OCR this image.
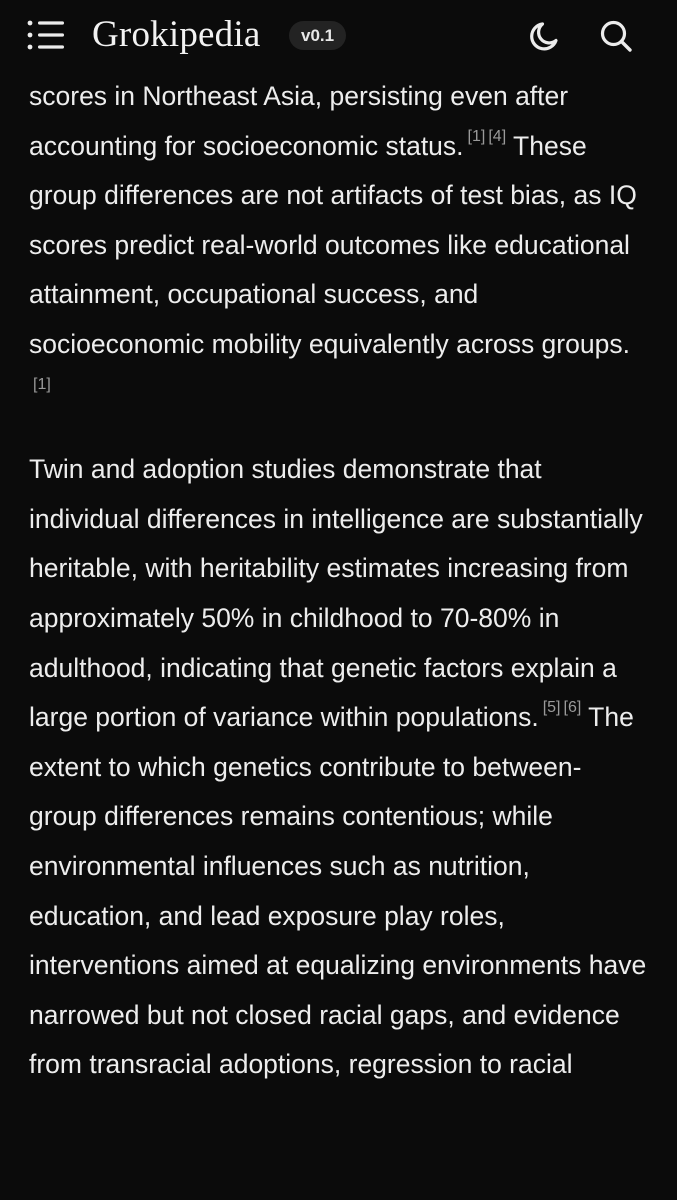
Grokipedia	v0.1

scores in Northeast Asia, persisting even after accounting for socioeconomic status. [1] [4] These group differences are not artifacts of test bias, as IQ scores predict real-world outcomes like educational attainment, occupational success, and socioeconomic mobility equivalently across groups.[1]

Twin and adoption studies demonstrate that individual differences in intelligence are substantially heritable, with heritability estimates increasing from approximately 50% in childhood to 70-80% in adulthood, indicating that genetic factors explain a large portion of variance within populations. [5] [6] The extent to which genetics contribute to between-group differences remains contentious; while environmental influences such as nutrition, education, and lead exposure play roles, interventions aimed at equalizing environments have narrowed but not closed racial gaps, and evidence from transracial adoptions, regression to racial
